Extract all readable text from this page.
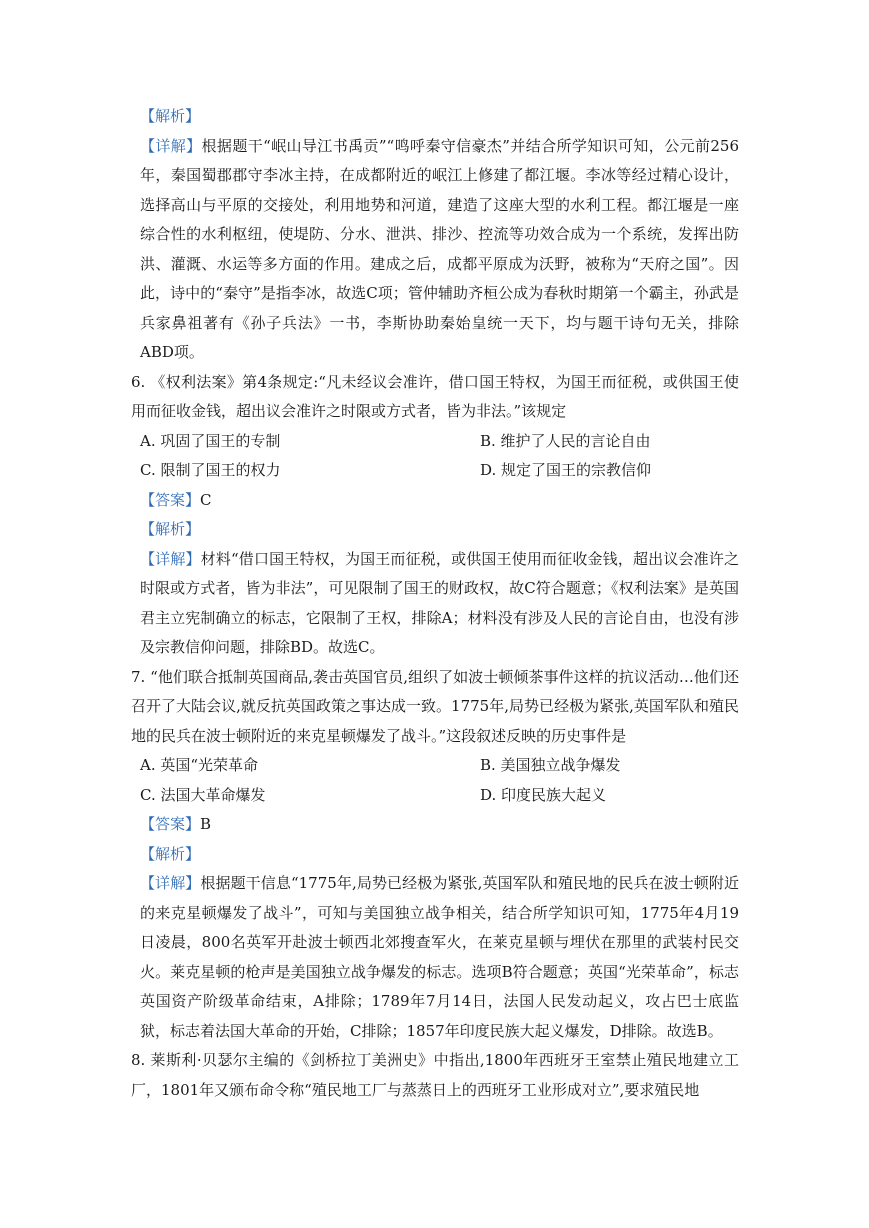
【解析】

【详解】根据题干“岷山导江书禹贡”“鸣呼秦守信豪杰”并结合所学知识可知，公元前256年，秦国蜀郡郡守李冰主持，在成都附近的岷江上修建了都江堰。李冰等经过精心设计，选择高山与平原的交接处，利用地势和河道，建造了这座大型的水利工程。都江堰是一座综合性的水利枢纽，使堤防、分水、泄洪、排沙、控流等功效合成为一个系统，发挥出防洪、灌溉、水运等多方面的作用。建成之后，成都平原成为沃野，被称为“天府之国”。因此，诗中的“秦守”是指李冰，故选C项；管仲辅助齐桓公成为春秋时期第一个霸主，孙武是兵家鼻祖著有《孙子兵法》一书，李斯协助秦始皇统一天下，均与题干诗句无关，排除ABD项。

6. 《权利法案》第4条规定:“凡未经议会准许，借口国王特权，为国王而征税，或供国王使用而征收金钱，超出议会准许之时限或方式者，皆为非法。”该规定

A. 巩固了国王的专制	B. 维护了人民的言论自由
C. 限制了国王的权力	D. 规定了国王的宗教信仰

【答案】C

【解析】

【详解】材料“借口国王特权，为国王而征税，或供国王使用而征收金钱，超出议会准许之时限或方式者，皆为非法”，可见限制了国王的财政权，故C符合题意；《权利法案》是英国君主立宪制确立的标志，它限制了王权，排除A；材料没有涉及人民的言论自由，也没有涉及宗教信仰问题，排除BD。故选C。

7. “他们联合抵制英国商品,袭击英国官员,组织了如波士顿倾茶事件这样的抗议活动…他们还召开了大陆会议,就反抗英国政策之事达成一致。1775年,局势已经极为紧张,英国军队和殖民地的民兵在波士顿附近的来克星顿爆发了战斗。”这段叙述反映的历史事件是

A. 英国“光荣革命	B. 美国独立战争爆发
C. 法国大革命爆发	D. 印度民族大起义

【答案】B

【解析】

【详解】根据题干信息“1775年,局势已经极为紧张,英国军队和殖民地的民兵在波士顿附近的来克星顿爆发了战斗”，可知与美国独立战争相关，结合所学知识可知，1775年4月19日凌晨，800名英军开赴波士顿西北郊搜查军火，在莱克星顿与埋伏在那里的武装村民交火。莱克星顿的枪声是美国独立战争爆发的标志。选项B符合题意；英国“光荣革命”，标志英国资产阶级革命结束，A排除；1789年7月14日，法国人民发动起义，攻占巴士底监狱，标志着法国大革命的开始，C排除；1857年印度民族大起义爆发，D排除。故选B。

8. 莱斯利·贝瑟尔主编的《剑桥拉丁美洲史》中指出,1800年西班牙王室禁止殖民地建立工厂，1801年又颁布命令称“殖民地工厂与蒸蒸日上的西班牙工业形成对立”,要求殖民地
